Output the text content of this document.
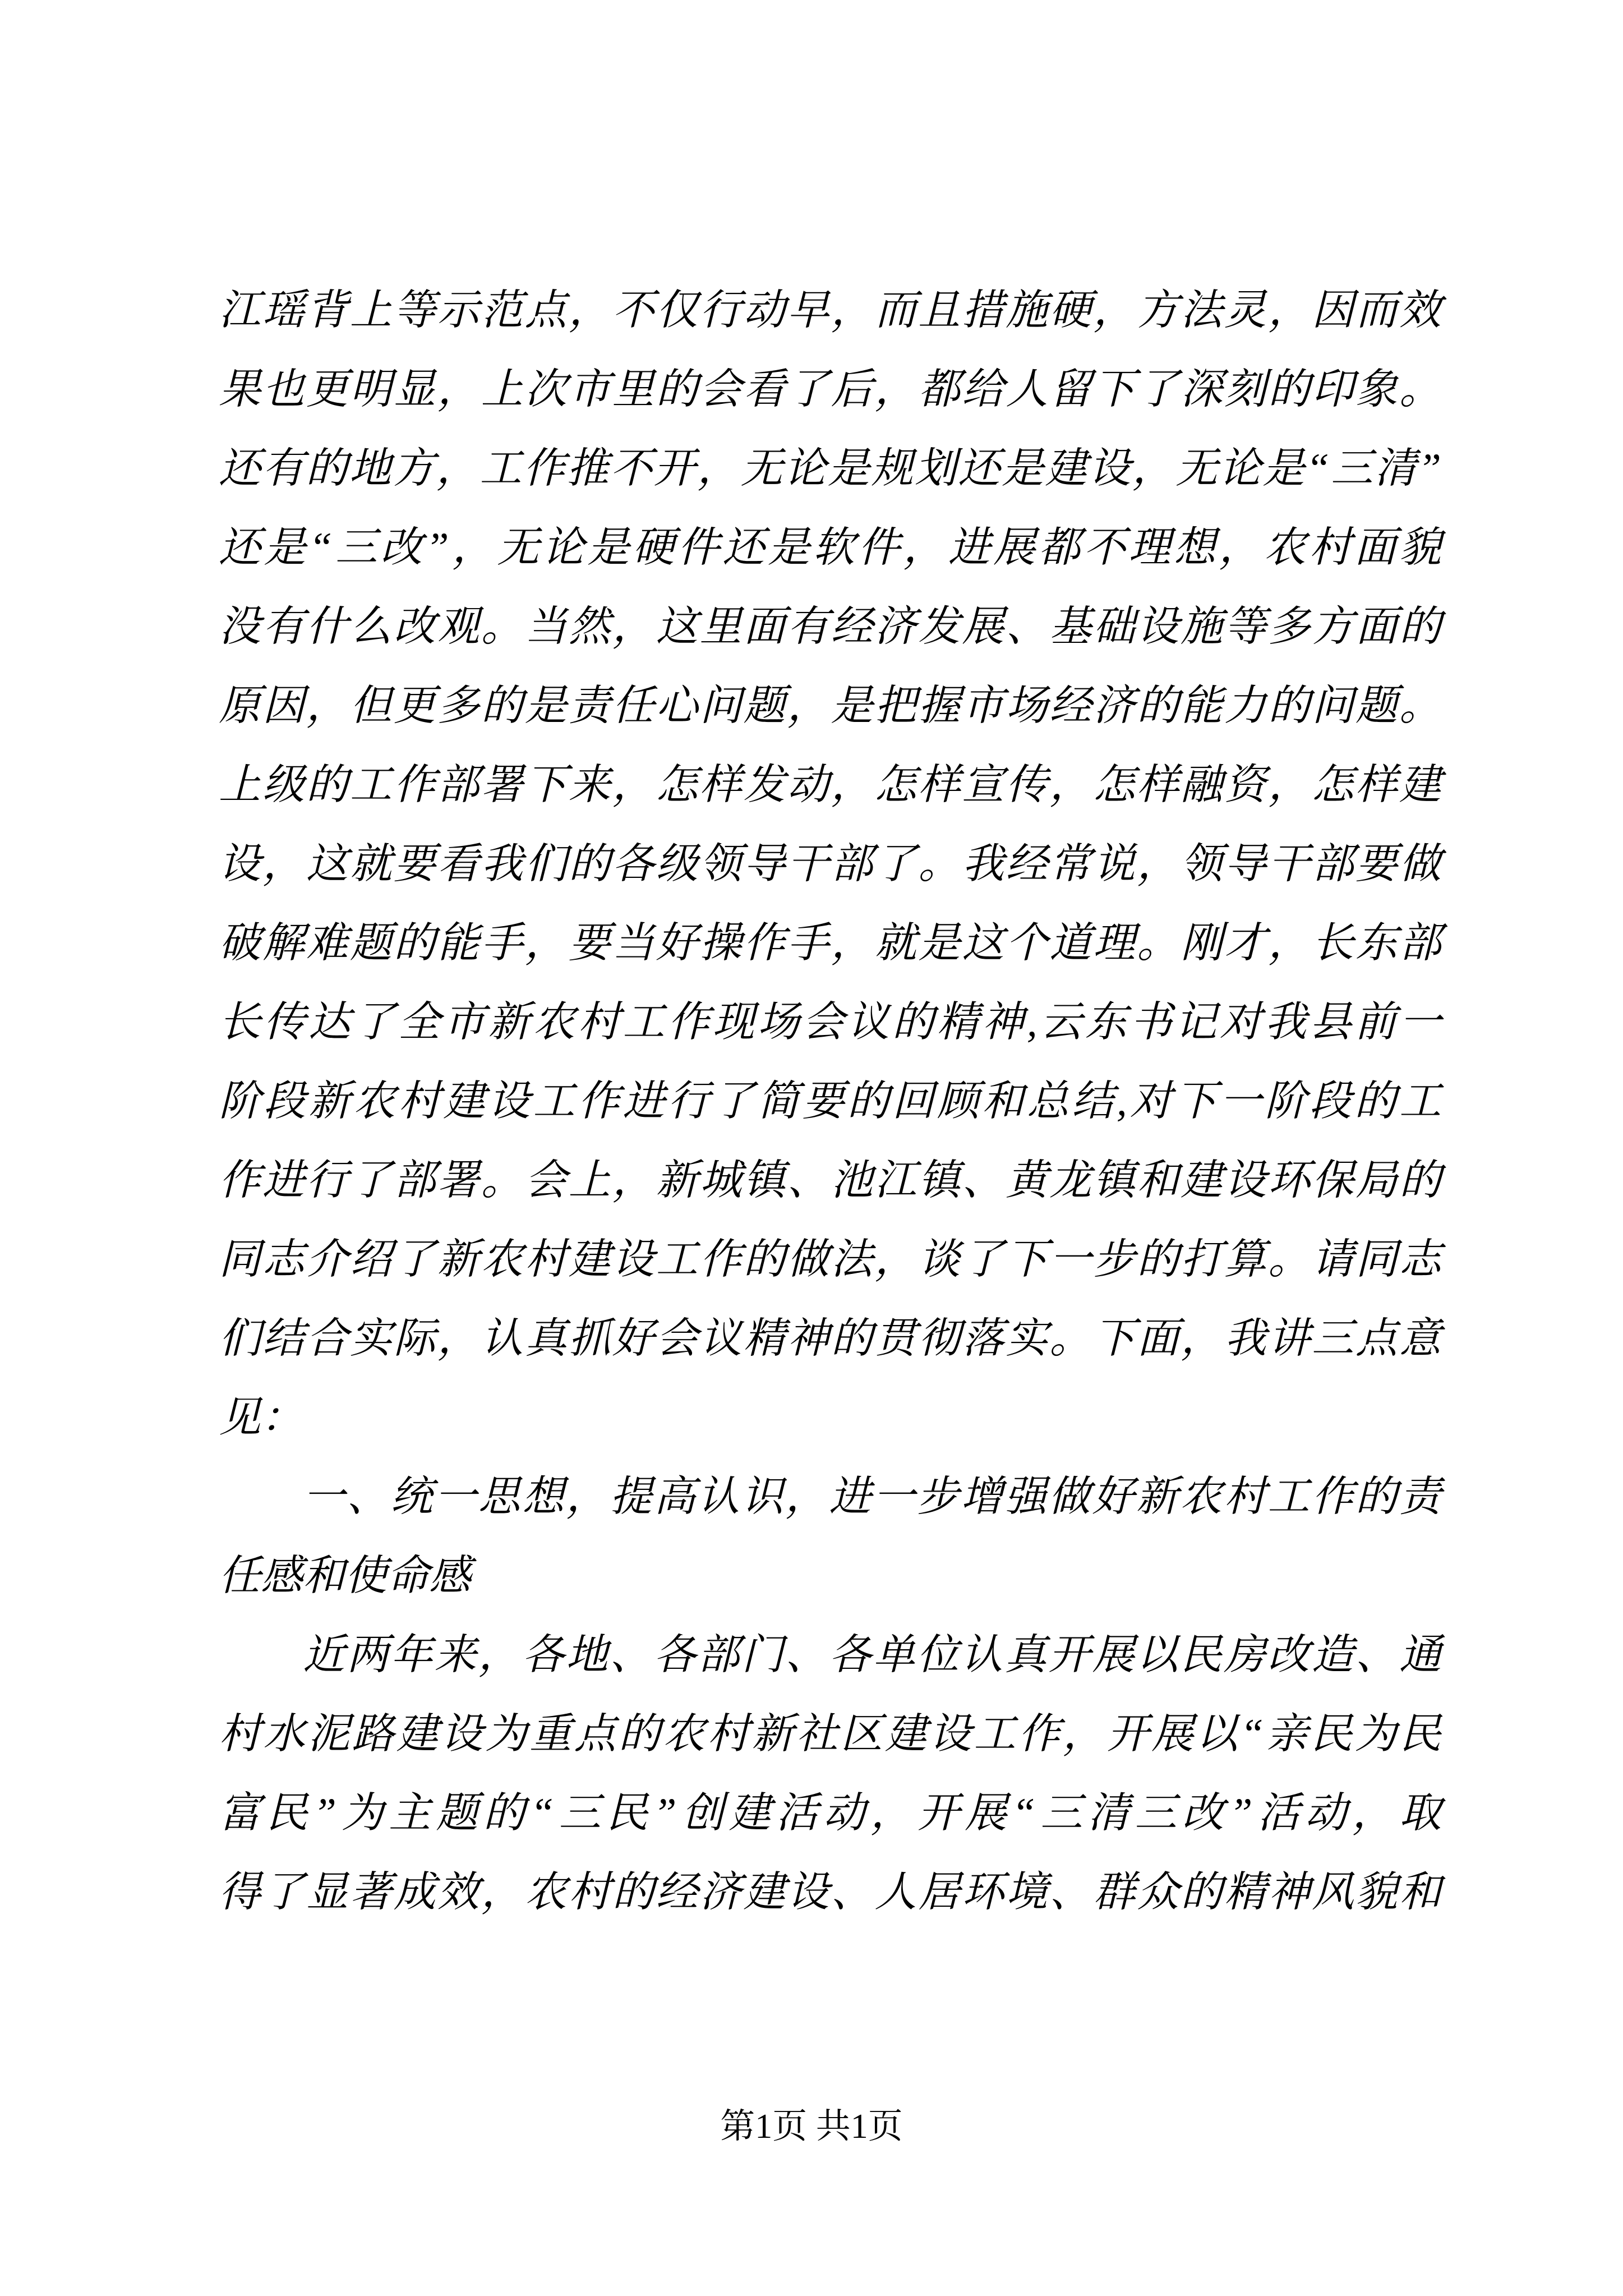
江瑶背上等示范点，不仅行动早，而且措施硬，方法灵，因而效
果也更明显，上次市里的会看了后，都给人留下了深刻的印象。
还有的地方，工作推不开，无论是规划还是建设，无论是“三清”
还是“三改”，无论是硬件还是软件，进展都不理想，农村面貌
没有什么改观。当然，这里面有经济发展、基础设施等多方面的
原因，但更多的是责任心问题，是把握市场经济的能力的问题。
上级的工作部署下来，怎样发动，怎样宣传，怎样融资，怎样建
设，这就要看我们的各级领导干部了。我经常说，领导干部要做
破解难题的能手，要当好操作手，就是这个道理。刚才，长东部
长传达了全市新农村工作现场会议的精神,云东书记对我县前一
阶段新农村建设工作进行了简要的回顾和总结,对下一阶段的工
作进行了部署。会上，新城镇、池江镇、黄龙镇和建设环保局的
同志介绍了新农村建设工作的做法，谈了下一步的打算。请同志
们结合实际，认真抓好会议精神的贯彻落实。下面，我讲三点意
见：
一、统一思想，提高认识，进一步增强做好新农村工作的责
任感和使命感
近两年来，各地、各部门、各单位认真开展以民房改造、通
村水泥路建设为重点的农村新社区建设工作，开展以“亲民为民
富民”为主题的“三民”创建活动，开展“三清三改”活动，取
得了显著成效，农村的经济建设、人居环境、群众的精神风貌和
第1页 共1页
